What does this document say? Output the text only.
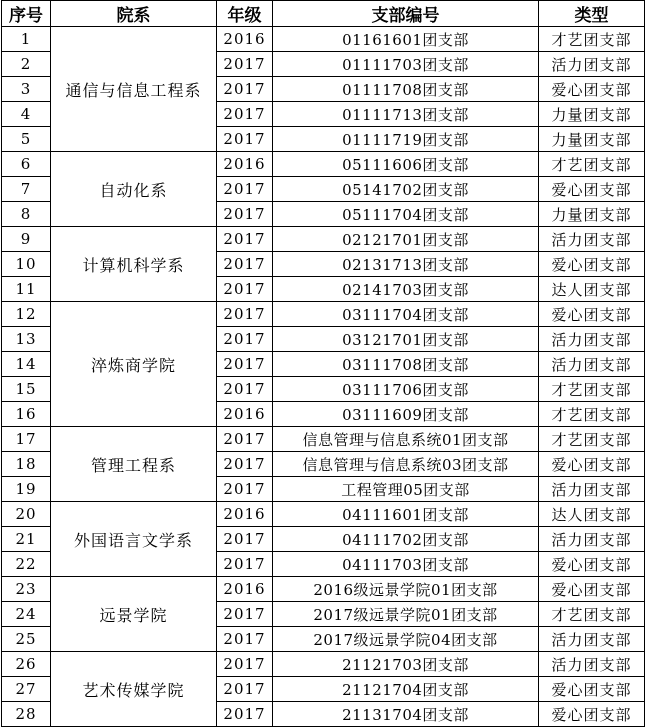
序号	院系	年级	支部编号	类型
1	通信与信息工程系	2016	01161601团支部	才艺团支部
2		2017	01111703团支部	活力团支部
3		2017	01111708团支部	爱心团支部
4		2017	01111713团支部	力量团支部
5		2017	01111719团支部	力量团支部
6	自动化系	2016	05111606团支部	才艺团支部
7		2017	05141702团支部	爱心团支部
8		2017	05111704团支部	力量团支部
9	计算机科学系	2017	02121701团支部	活力团支部
10		2017	02131713团支部	爱心团支部
11		2017	02141703团支部	达人团支部
12	淬炼商学院	2017	03111704团支部	爱心团支部
13		2017	03121701团支部	活力团支部
14		2017	03111708团支部	活力团支部
15		2017	03111706团支部	才艺团支部
16		2016	03111609团支部	才艺团支部
17	管理工程系	2017	信息管理与信息系统01团支部	才艺团支部
18		2017	信息管理与信息系统03团支部	爱心团支部
19		2017	工程管理05团支部	活力团支部
20	外国语言文学系	2016	04111601团支部	达人团支部
21		2017	04111702团支部	活力团支部
22		2017	04111703团支部	爱心团支部
23	远景学院	2016	2016级远景学院01团支部	爱心团支部
24		2017	2017级远景学院01团支部	才艺团支部
25		2017	2017级远景学院04团支部	活力团支部
26	艺术传媒学院	2017	21121703团支部	活力团支部
27		2017	21121704团支部	爱心团支部
28		2017	21131704团支部	爱心团支部
